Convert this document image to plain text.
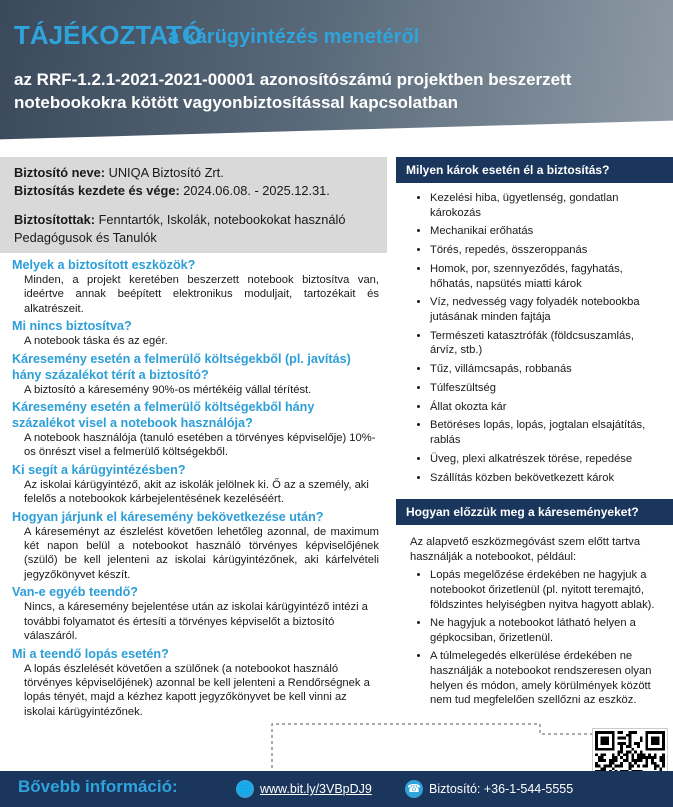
TÁJÉKOZTATÓ
a kárügyintézés menetéről
az RRF-1.2.1-2021-2021-00001 azonosítószámú projektben beszerzett notebookokra kötött vagyonbiztosítással kapcsolatban

Biztosító neve: UNIQA Biztosító Zrt.

Biztosítás kezdete és vége: 2024.06.08. - 2025.12.31.

Biztosítottak: Fenntartók, Iskolák, notebookokat használó Pedagógusok és Tanulók

Melyek a biztosított eszközök?

Minden, a projekt keretében beszerzett notebook biztosítva van, ideértve annak beépített elektronikus moduljait, tartozékait és alkatrészeit.

Mi nincs biztosítva?

A notebook táska és az egér.

Káresemény esetén a felmerülő költségekből (pl. javítás) hány százalékot térít a biztosító?

A biztosító a káresemény 90%-os mértékéig vállal térítést.

Káresemény esetén a felmerülő költségekből hány százalékot visel a notebook használója?

A notebook használója (tanuló esetében a törvényes képviselője) 10%-os önrészt visel a felmerülő költségekből.

Ki segít a kárügyintézésben?

Az iskolai kárügyintéző, akit az iskolák jelölnek ki. Ő az a személy, aki felelős a notebookok kárbejelentésének kezeléséért.

Hogyan járjunk el káresemény bekövetkezése után?

A káreseményt az észlelést követően lehetőleg azonnal, de maximum két napon belül a notebookot használó törvényes képviselőjének (szülő) be kell jelenteni az iskolai kárügyintézőnek, aki kárfelvételi jegyzőkönyvet készít.

Van-e egyéb teendő?

Nincs, a káresemény bejelentése után az iskolai kárügyintéző intézi a további folyamatot és értesíti a törvényes képviselőt a biztosító válaszáról.

Mi a teendő lopás esetén?

A lopás észlelését követően a szülőnek (a notebookot használó törvényes képviselőjének) azonnal be kell jelenteni a Rendőrségnek a lopás tényét, majd a kézhez kapott jegyzőkönyvet be kell vinni az iskolai kárügyintézőnek.

Milyen károk esetén él a biztosítás?
• Kezelési hiba, ügyetlenség, gondatlan károkozás
• Mechanikai erőhatás
• Törés, repedés, összeroppanás
• Homok, por, szennyeződés, fagyhatás, hőhatás, napsütés miatti károk
• Víz, nedvesség vagy folyadék notebookba jutásának minden fajtája
• Természeti katasztrófák (földcsuszamlás, árvíz, stb.)
• Tűz, villámcsapás, robbanás
• Túlfeszültség
• Állat okozta kár
• Betöréses lopás, lopás, jogtalan elsajátítás, rablás
• Üveg, plexi alkatrészek törése, repedése
• Szállítás közben bekövetkezett károk
Hogyan előzzük meg a káreseményeket?

Az alapvető eszközmegóvást szem előtt tartva használják a notebookot, például:

• Lopás megelőzése érdekében ne hagyjuk a notebookot őrizetlenül (pl. nyitott teremajtó, földszintes helyiségben nyitva hagyott ablak).
• Ne hagyjuk a notebookot látható helyen a gépkocsiban, őrizetlenül.
• A túlmelegedés elkerülése érdekében ne használják a notebookot rendszeresen olyan helyen és módon, amely körülmények között nem tud megfelelően szellőzni az eszköz.
Bővebb információ:	🌐 www.bit.ly/3VBpDJ9	☎ Biztosító: +36-1-544-5555
